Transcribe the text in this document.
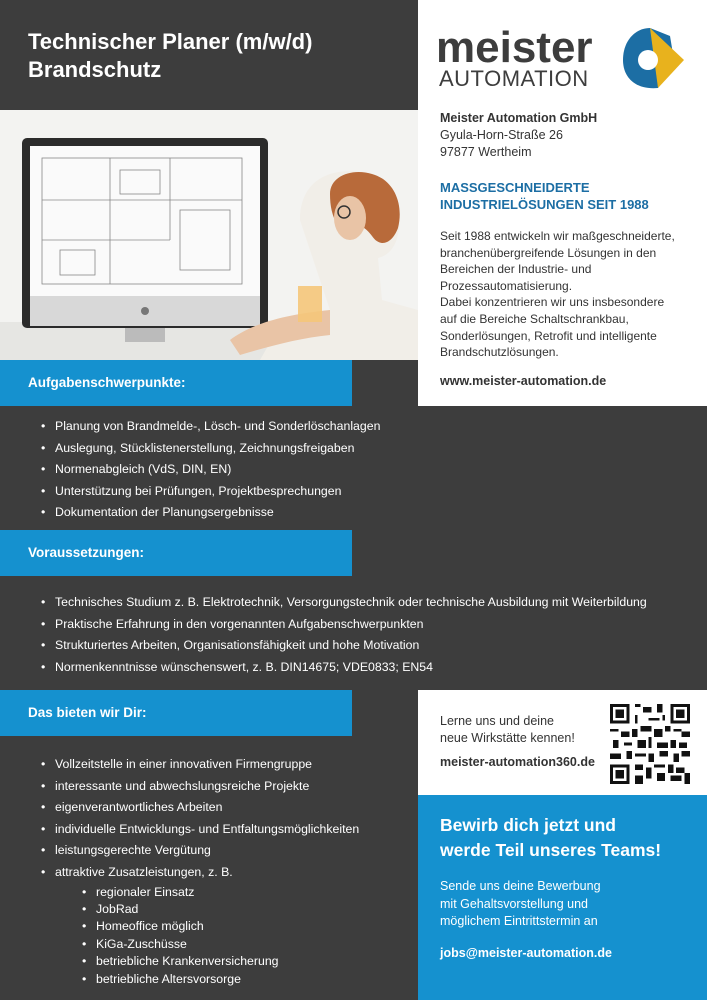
Technischer Planer (m/w/d)
Brandschutz	meister
AUTOMATION
Meister Automation GmbH
Gyula-Horn-Straße 26
97877 Wertheim
MASSGESCHNEIDERTE
INDUSTRIELÖSUNGEN SEIT 1988
Seit 1988 entwickeln wir maßgeschneiderte,
branchenübergreifende Lösungen in den
Bereichen der Industrie- und
Prozessautomatisierung.
Dabei konzentrieren wir uns insbesondere
auf die Bereiche Schaltschrankbau,
Sonderlösungen, Retrofit und intelligente
Brandschutzlösungen.
www.meister-automation.de
Aufgabenschwerpunkte:
• Planung von Brandmelde-, Lösch- und Sonderlöschanlagen
• Auslegung, Stücklistenerstellung, Zeichnungsfreigaben
• Normenabgleich (VdS, DIN, EN)
• Unterstützung bei Prüfungen, Projektbesprechungen
• Dokumentation der Planungsergebnisse
Voraussetzungen:
• Technisches Studium z. B. Elektrotechnik, Versorgungstechnik oder technische Ausbildung mit Weiterbildung
• Praktische Erfahrung in den vorgenannten Aufgabenschwerpunkten
• Strukturiertes Arbeiten, Organisationsfähigkeit und hohe Motivation
• Normenkenntnisse wünschenswert, z. B. DIN14675; VDE0833; EN54
Das bieten wir Dir:
• Vollzeitstelle in einer innovativen Firmengruppe
• interessante und abwechslungsreiche Projekte
• eigenverantwortliches Arbeiten
• individuelle Entwicklungs- und Entfaltungsmöglichkeiten
• leistungsgerechte Vergütung
• attraktive Zusatzleistungen, z. B.
• regionaler Einsatz
• JobRad
• Homeoffice möglich
• KiGa-Zuschüsse
• betriebliche Krankenversicherung
• betriebliche Altersvorsorge
Lerne uns und deine
neue Wirkstätte kennen!
meister-automation360.de
Bewirb dich jetzt und
werde Teil unseres Teams!
Sende uns deine Bewerbung
mit Gehaltsvorstellung und
möglichem Eintrittstermin an
jobs@meister-automation.de
